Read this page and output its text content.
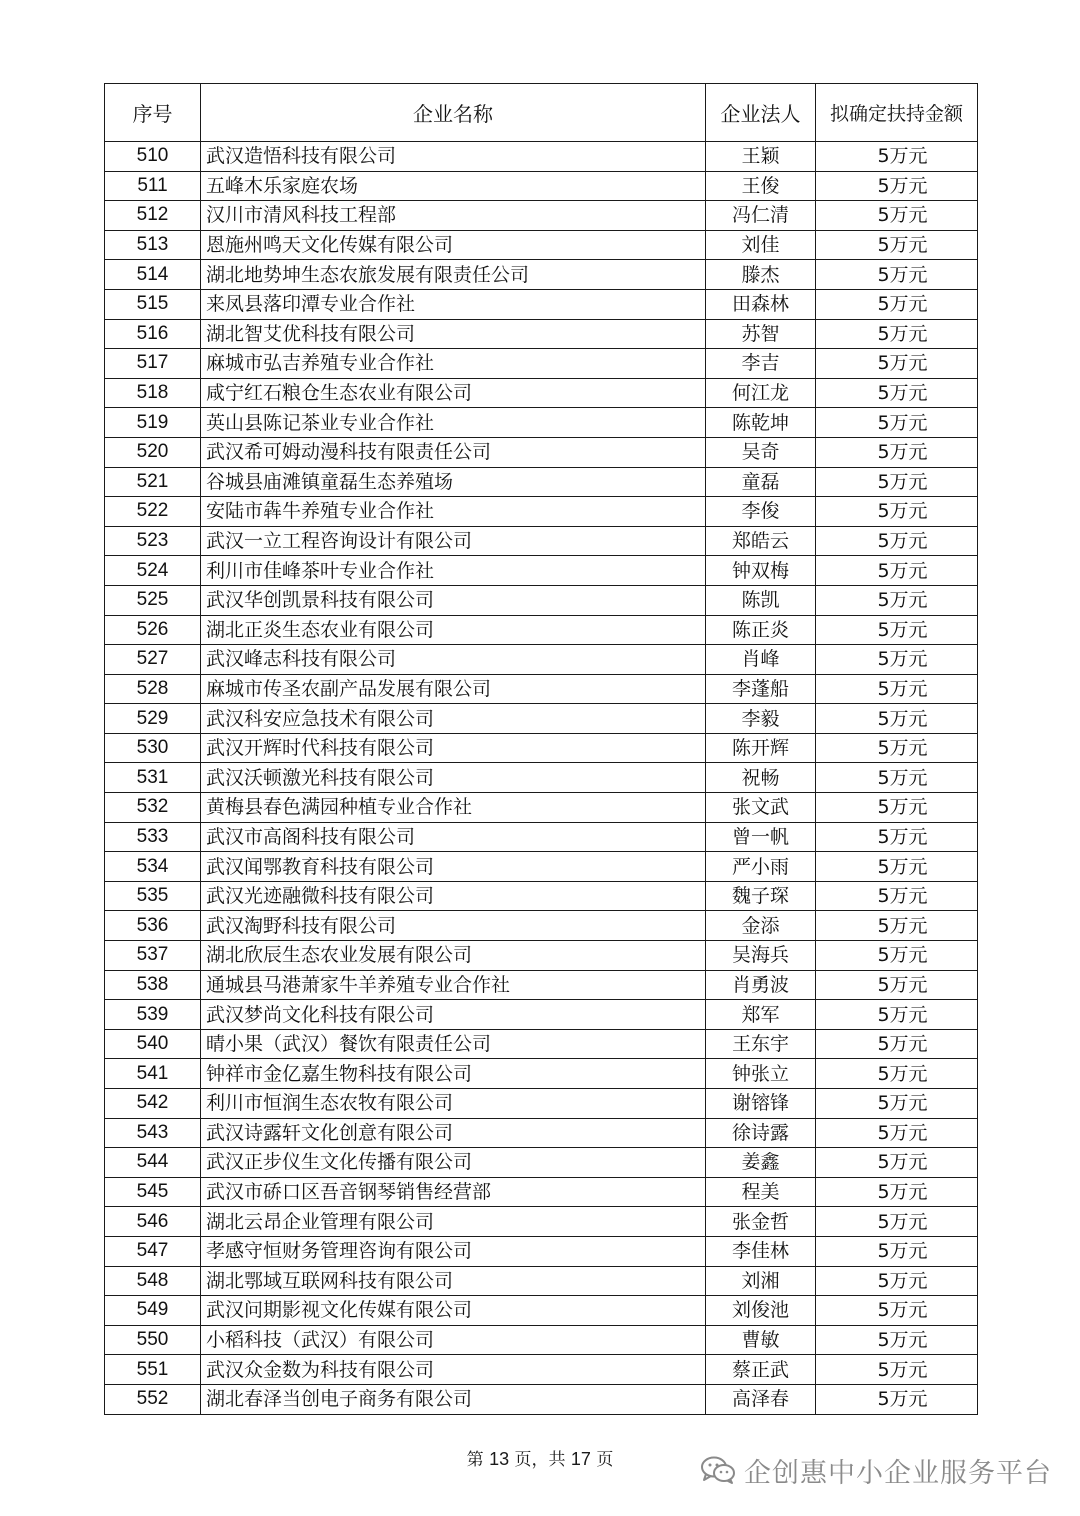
序号	企业名称	企业法人	拟确定扶持金额
510	武汉造悟科技有限公司	王颖	5万元
511	五峰木乐家庭农场	王俊	5万元
512	汉川市清风科技工程部	冯仁清	5万元
513	恩施州鸣天文化传媒有限公司	刘佳	5万元
514	湖北地势坤生态农旅发展有限责任公司	滕杰	5万元
515	来凤县落印潭专业合作社	田森林	5万元
516	湖北智艾优科技有限公司	苏智	5万元
517	麻城市弘吉养殖专业合作社	李吉	5万元
518	咸宁红石粮仓生态农业有限公司	何江龙	5万元
519	英山县陈记茶业专业合作社	陈乾坤	5万元
520	武汉希可姆动漫科技有限责任公司	吴奇	5万元
521	谷城县庙滩镇童磊生态养殖场	童磊	5万元
522	安陆市犇牛养殖专业合作社	李俊	5万元
523	武汉一立工程咨询设计有限公司	郑皓云	5万元
524	利川市佳峰茶叶专业合作社	钟双梅	5万元
525	武汉华创凯景科技有限公司	陈凯	5万元
526	湖北正炎生态农业有限公司	陈正炎	5万元
527	武汉峰志科技有限公司	肖峰	5万元
528	麻城市传圣农副产品发展有限公司	李蓬船	5万元
529	武汉科安应急技术有限公司	李毅	5万元
530	武汉开辉时代科技有限公司	陈开辉	5万元
531	武汉沃顿激光科技有限公司	祝畅	5万元
532	黄梅县春色满园种植专业合作社	张文武	5万元
533	武汉市高阁科技有限公司	曾一帆	5万元
534	武汉闻鄂教育科技有限公司	严小雨	5万元
535	武汉光迹融微科技有限公司	魏子琛	5万元
536	武汉淘野科技有限公司	金添	5万元
537	湖北欣辰生态农业发展有限公司	吴海兵	5万元
538	通城县马港萧家牛羊养殖专业合作社	肖勇波	5万元
539	武汉梦尚文化科技有限公司	郑军	5万元
540	晴小果（武汉）餐饮有限责任公司	王东宇	5万元
541	钟祥市金亿嘉生物科技有限公司	钟张立	5万元
542	利川市恒润生态农牧有限公司	谢镕锋	5万元
543	武汉诗露轩文化创意有限公司	徐诗露	5万元
544	武汉正步仪生文化传播有限公司	姜鑫	5万元
545	武汉市硚口区吾音钢琴销售经营部	程美	5万元
546	湖北云昂企业管理有限公司	张金哲	5万元
547	孝感守恒财务管理咨询有限公司	李佳林	5万元
548	湖北鄂域互联网科技有限公司	刘湘	5万元
549	武汉问期影视文化传媒有限公司	刘俊池	5万元
550	小稻科技（武汉）有限公司	曹敏	5万元
551	武汉众金数为科技有限公司	蔡正武	5万元
552	湖北春泽当创电子商务有限公司	高泽春	5万元
第 13 页，共 17 页	企创惠中小企业服务平台
